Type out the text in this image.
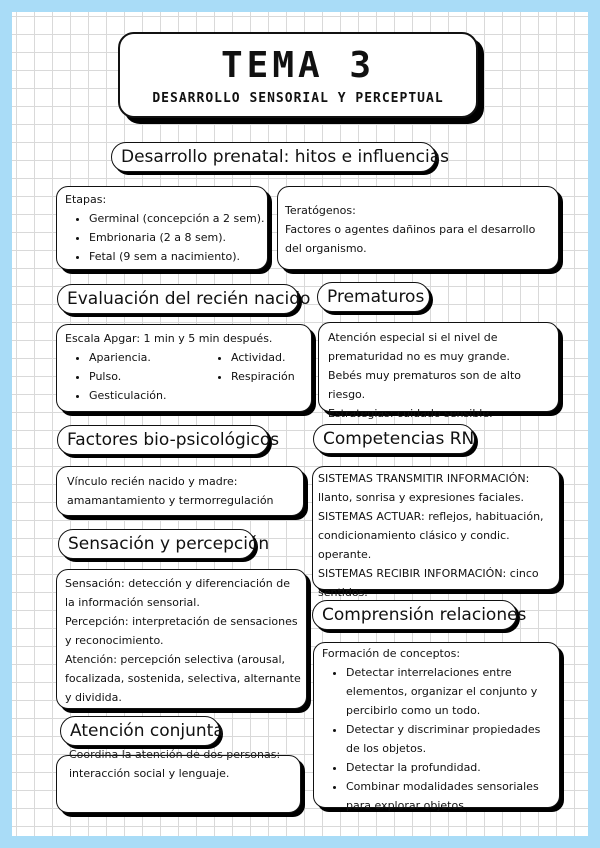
TEMA 3
DESARROLLO SENSORIAL Y PERCEPTUAL
Desarrollo prenatal: hitos e influencias
Etapas:
• Germinal (concepción a 2 sem).
• Embrionaria (2 a 8 sem).
• Fetal (9 sem a nacimiento).
Teratógenos:
Factores o agentes dañinos para el desarrollo del organismo.
Evaluación del recién nacido Prematuros
Escala Apgar: 1 min y 5 min después.
• Apariencia.
• Pulso.
• Gesticulación.
• Actividad.
• Respiración
Atención especial si el nivel de prematuridad no es muy grande.
Bebés muy prematuros son de alto riesgo.
Estrategias: cuidado sensible.
Factores bio-psicológicos	Competencias RN
Vínculo recién nacido y madre: amamantamiento y termorregulación
SISTEMAS TRANSMITIR INFORMACIÓN: llanto, sonrisa y expresiones faciales.
SISTEMAS ACTUAR: reflejos, habituación, condicionamiento clásico y condic. operante.
SISTEMAS RECIBIR INFORMACIÓN: cinco sentidos.
Sensación y percepción
Sensación: detección y diferenciación de la información sensorial.
Percepción: interpretación de sensaciones y reconocimiento.
Atención: percepción selectiva (arousal, focalizada, sostenida, selectiva, alternante y dividida.
Comprensión relaciones
Formación de conceptos:
• Detectar interrelaciones entre elementos, organizar el conjunto y percibirlo como un todo.
• Detectar y discriminar propiedades de los objetos.
• Detectar la profundidad.
• Combinar modalidades sensoriales para explorar objetos
Coordina la atención de dos personas:
interacción social y lenguaje.
Atención conjunta
